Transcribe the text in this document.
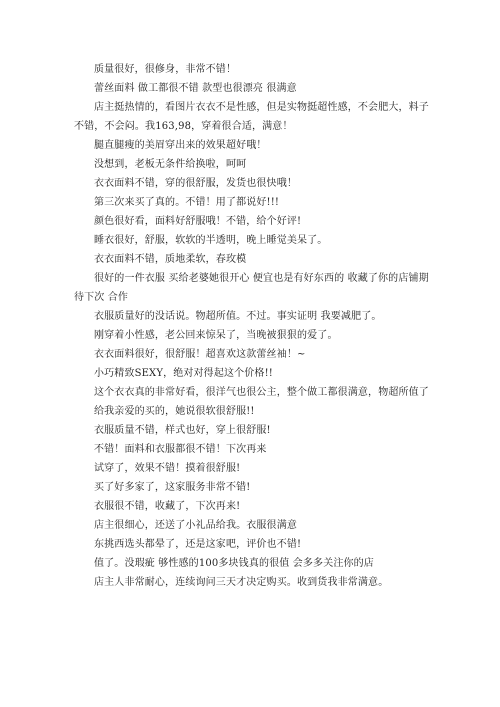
质量很好，很修身，非常不错！

蕾丝面料 做工都很不错 款型也很漂亮 很满意

店主挺热情的，看图片衣衣不是性感，但是实物挺超性感，不会肥大，料子不错，不会闷。我163,98，穿着很合适，满意！

腿直腿瘦的美眉穿出来的效果超好哦！

没想到，老板无条件给换啦，呵呵

衣衣面料不错，穿的很舒服，发货也很快哦！

第三次来买了真的。不错！用了都说好!!!

颜色很好看，面料好舒服哦！不错，给个好评!

睡衣很好，舒服，软软的半透明，晚上睡觉美呆了。

衣衣面料不错，质地柔软，春玫模

很好的一件衣服 买给老婆她很开心 便宜也是有好东西的 收藏了你的店铺期待下次 合作

衣服质量好的没话说。物超所值。不过。事实证明 我要减肥了。

刚穿着小性感，老公回来惊呆了，当晚被狠狠的爱了。

衣衣面料很好，很舒服！超喜欢这款蕾丝袖！~

小巧精致SEXY，绝对对得起这个价格!!

这个衣衣真的非常好看，很洋气也很公主，整个做工都很满意，物超所值了

给我亲爱的买的，她说很软很舒服!!

衣服质量不错，样式也好，穿上很舒服!

不错！面料和衣服都很不错！下次再来

试穿了，效果不错！摸着很舒服!

买了好多家了，这家服务非常不错!

衣服很不错，收藏了，下次再来!

店主很细心，还送了小礼品给我。衣服很满意

东挑西选头都晕了，还是这家吧，评价也不错!

值了。没瑕疵 够性感的100多块钱真的很值 会多多关注你的店

店主人非常耐心，连续询问三天才决定购买。收到货我非常满意。
